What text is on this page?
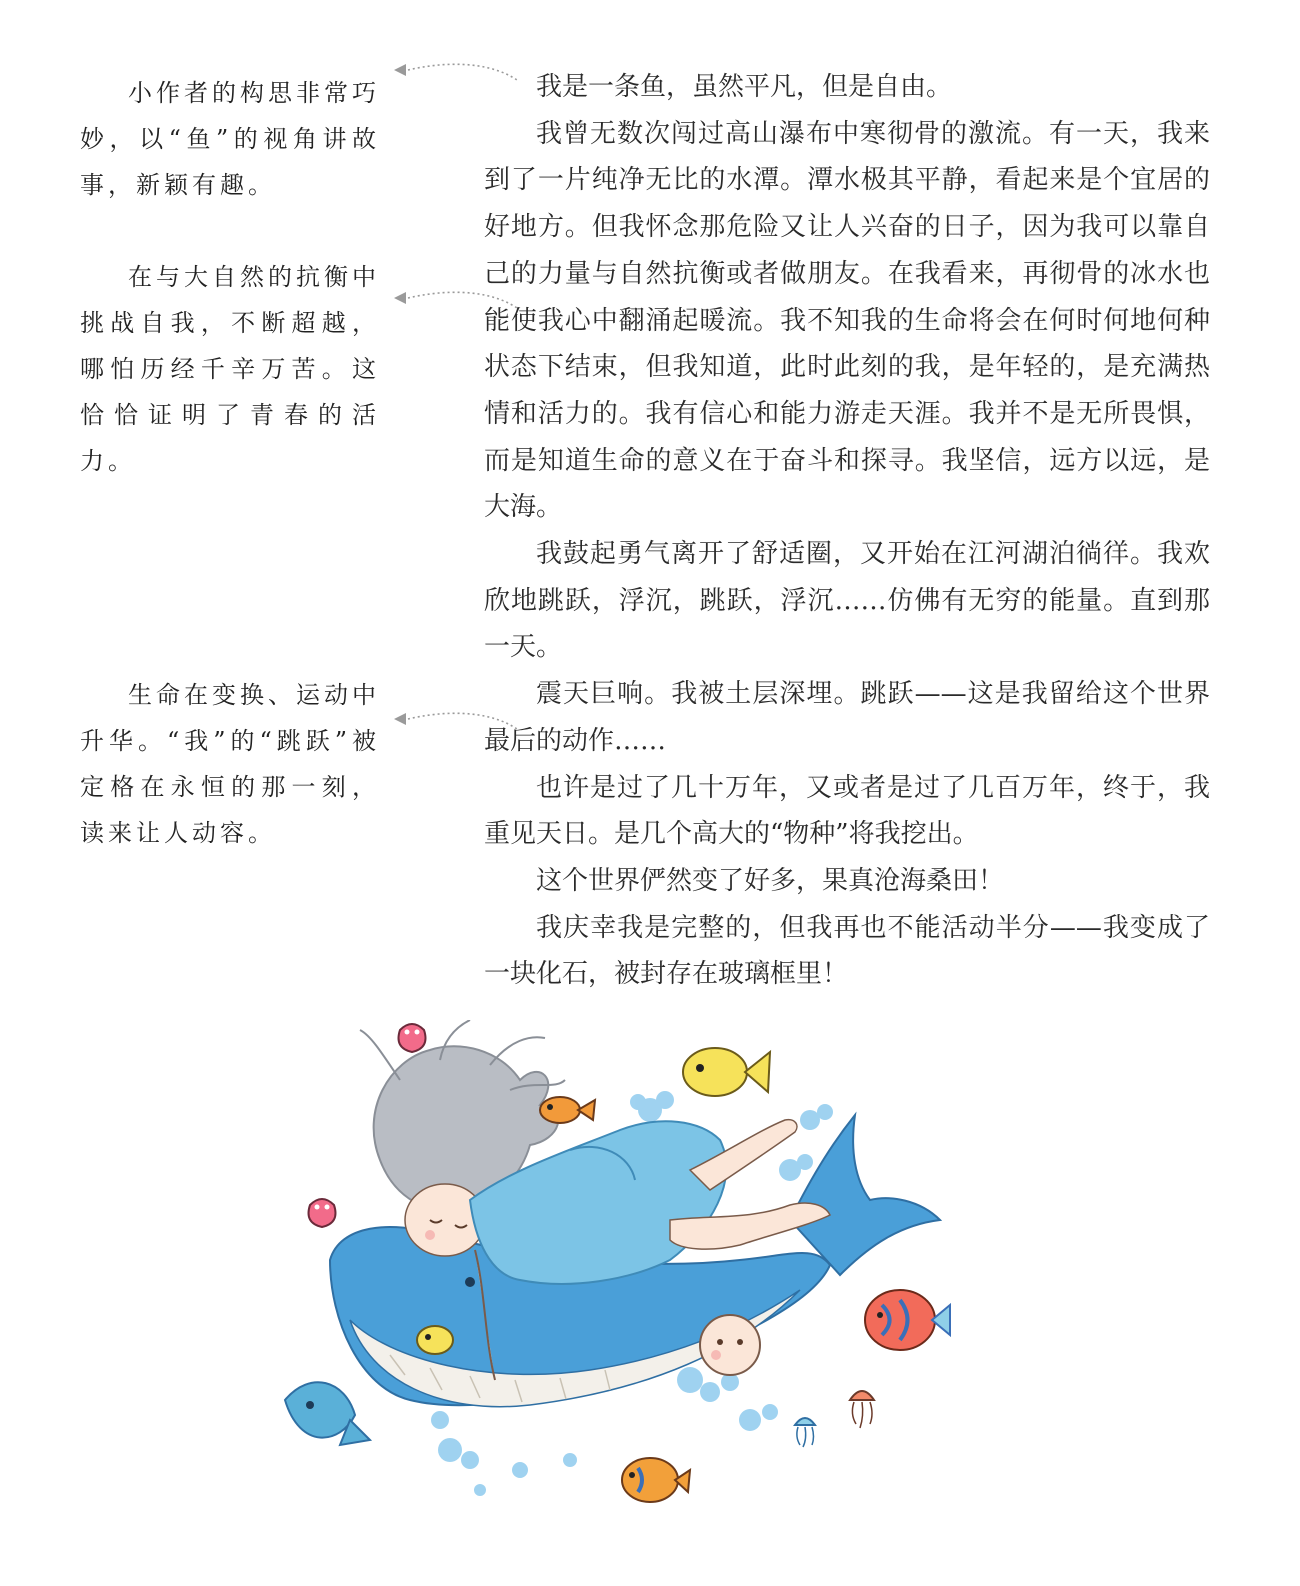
小作者的构思非常巧妙，以“鱼”的视角讲故事，新颖有趣。
在与大自然的抗衡中挑战自我，不断超越，哪怕历经千辛万苦。这恰恰证明了青春的活力。
生命在变换、运动中升华。“我”的“跳跃”被定格在永恒的那一刻，读来让人动容。

我是一条鱼，虽然平凡，但是自由。

我曾无数次闯过高山瀑布中寒彻骨的激流。有一天，我来到了一片纯净无比的水潭。潭水极其平静，看起来是个宜居的好地方。但我怀念那危险又让人兴奋的日子，因为我可以靠自己的力量与自然抗衡或者做朋友。在我看来，再彻骨的冰水也能使我心中翻涌起暖流。我不知我的生命将会在何时何地何种状态下结束，但我知道，此时此刻的我，是年轻的，是充满热情和活力的。我有信心和能力游走天涯。我并不是无所畏惧，而是知道生命的意义在于奋斗和探寻。我坚信，远方以远，是大海。

我鼓起勇气离开了舒适圈，又开始在江河湖泊徜徉。我欢欣地跳跃，浮沉，跳跃，浮沉……仿佛有无穷的能量。直到那一天。

震天巨响。我被土层深埋。跳跃——这是我留给这个世界最后的动作……

也许是过了几十万年，又或者是过了几百万年，终于，我重见天日。是几个高大的“物种”将我挖出。

这个世界俨然变了好多，果真沧海桑田！

我庆幸我是完整的，但我再也不能活动半分——我变成了一块化石，被封存在玻璃框里！
